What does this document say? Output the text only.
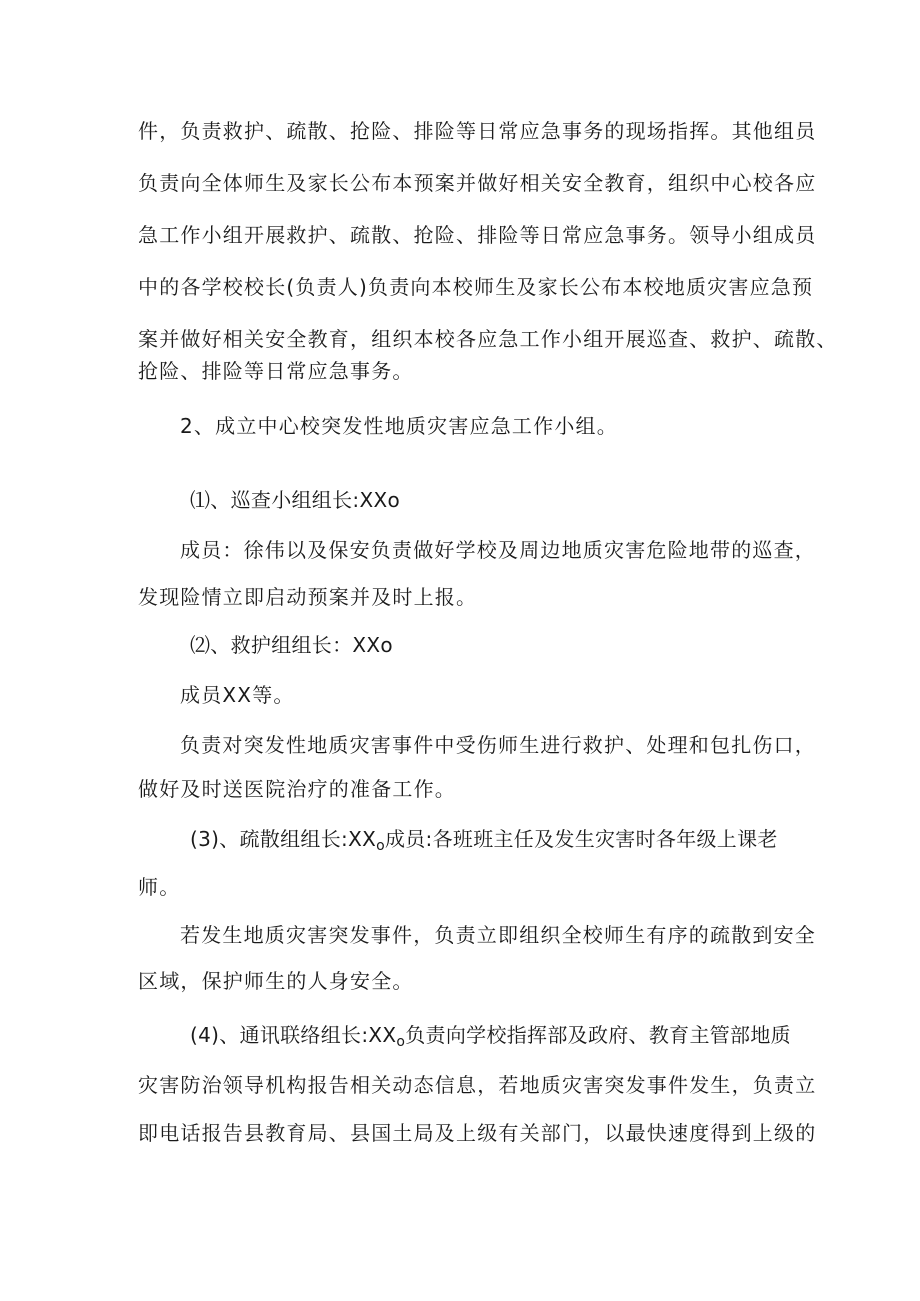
件，负责救护、疏散、抢险、排险等日常应急事务的现场指挥。其他组员
负责向全体师生及家长公布本预案并做好相关安全教育，组织中心校各应
急工作小组开展救护、疏散、抢险、排险等日常应急事务。领导小组成员
中的各学校校长(负责人)负责向本校师生及家长公布本校地质灾害应急预
案并做好相关安全教育，组织本校各应急工作小组开展巡查、救护、疏散、
抢险、排险等日常应急事务。
2、成立中心校突发性地质灾害应急工作小组。
⑴、巡查小组组长:XXo
成员：徐伟以及保安负责做好学校及周边地质灾害危险地带的巡查，
发现险情立即启动预案并及时上报。
⑵、救护组组长：XXo
成员XX等。
负责对突发性地质灾害事件中受伤师生进行救护、处理和包扎伤口，
做好及时送医院治疗的准备工作。
(3)、疏散组组长$:XX_o$成员:各班班主任及发生灾害时各年级上课老
师。
若发生地质灾害突发事件，负责立即组织全校师生有序的疏散到安全
区域，保护师生的人身安全。
(4)、通讯联络组长$:XX_o$负责向学校指挥部及政府、教育主管部地质
灾害防治领导机构报告相关动态信息，若地质灾害突发事件发生，负责立
即电话报告县教育局、县国土局及上级有关部门，以最快速度得到上级的
